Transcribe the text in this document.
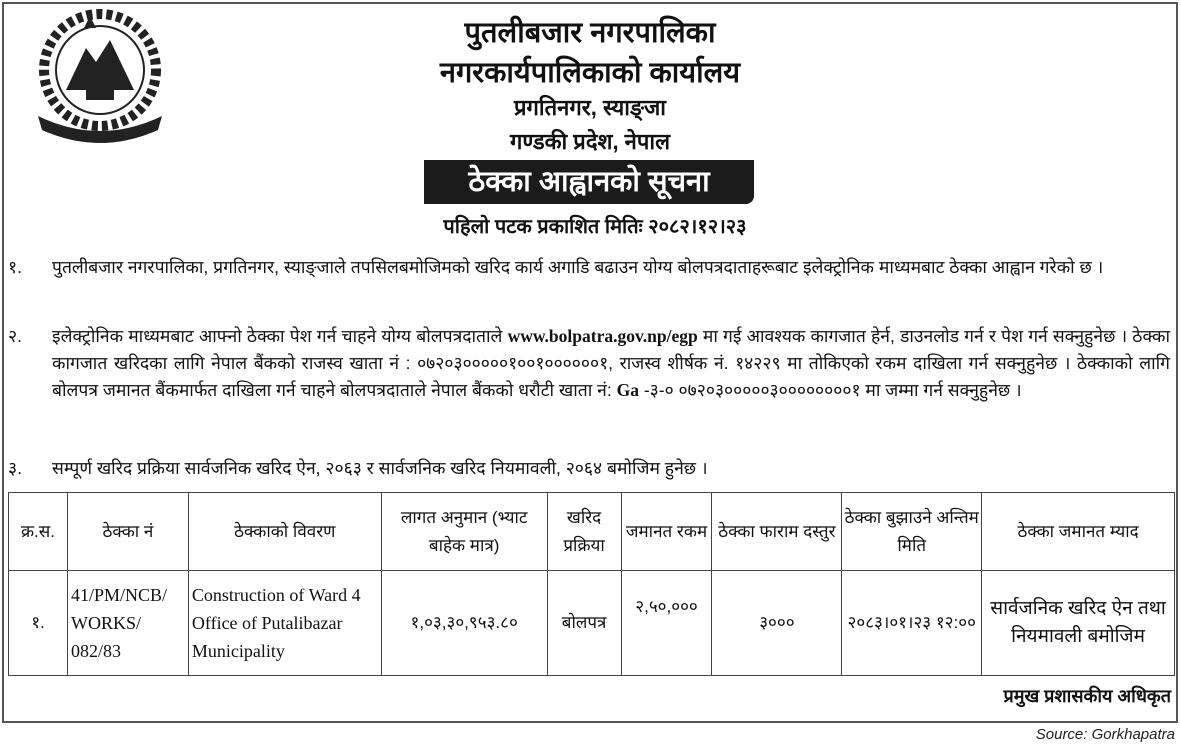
पुतलीबजार नगरपालिका
नगरकार्यपालिकाको कार्यालय
प्रगतिनगर, स्याङ्जा
गण्डकी प्रदेश, नेपाल
ठेक्का आह्वानको सूचना
पहिलो पटक प्रकाशित मितिः २०८२।१२।२३
१.	पुतलीबजार नगरपालिका, प्रगतिनगर, स्याङ्जाले तपसिलबमोजिमको खरिद कार्य अगाडि बढाउन योग्य बोलपत्रदाताहरूबाट इलेक्ट्रोनिक माध्यमबाट ठेक्का आह्वान गरेको छ ।
२.	इलेक्ट्रोनिक माध्यमबाट आफ्नो ठेक्का पेश गर्न चाहने योग्य बोलपत्रदाताले www.bolpatra.gov.np/egp मा गई आवश्यक कागजात हेर्न, डाउनलोड गर्न र पेश गर्न सक्नुहुनेछ । ठेक्का कागजात खरिदका लागि नेपाल बैंकको राजस्व खाता नं : ०७२०३०००००१००१००००००१, राजस्व शीर्षक नं. १४२२९ मा तोकिएको रकम दाखिला गर्न सक्नुहुनेछ । ठेक्काको लागि बोलपत्र जमानत बैंकमार्फत दाखिला गर्न चाहने बोलपत्रदाताले नेपाल बैंकको धरौटी खाता नं: Ga -३-० ०७२०३०००००३००००००००१ मा जम्मा गर्न सक्नुहुनेछ ।
३.	सम्पूर्ण खरिद प्रक्रिया सार्वजनिक खरिद ऐन, २०६३ र सार्वजनिक खरिद नियमावली, २०६४ बमोजिम हुनेछ ।
क्र.स.	ठेक्का नं	ठेक्काको विवरण	लागत अनुमान (भ्याट बाहेक मात्र)	खरिद प्रक्रिया	जमानत रकम	ठेक्का फाराम दस्तुर	ठेक्का बुझाउने अन्तिम मिति	ठेक्का जमानत म्याद
१.	41/PM/NCB/ WORKS/ 082/83	Construction of Ward 4 Office of Putalibazar Municipality	१,०३,३०,९५३.८०	बोलपत्र	२,५०,०००	३०००	२०८३।०१।२३ १२:००	सार्वजनिक खरिद ऐन तथा नियमावली बमोजिम
प्रमुख प्रशासकीय अधिकृत
Source: Gorkhapatra
